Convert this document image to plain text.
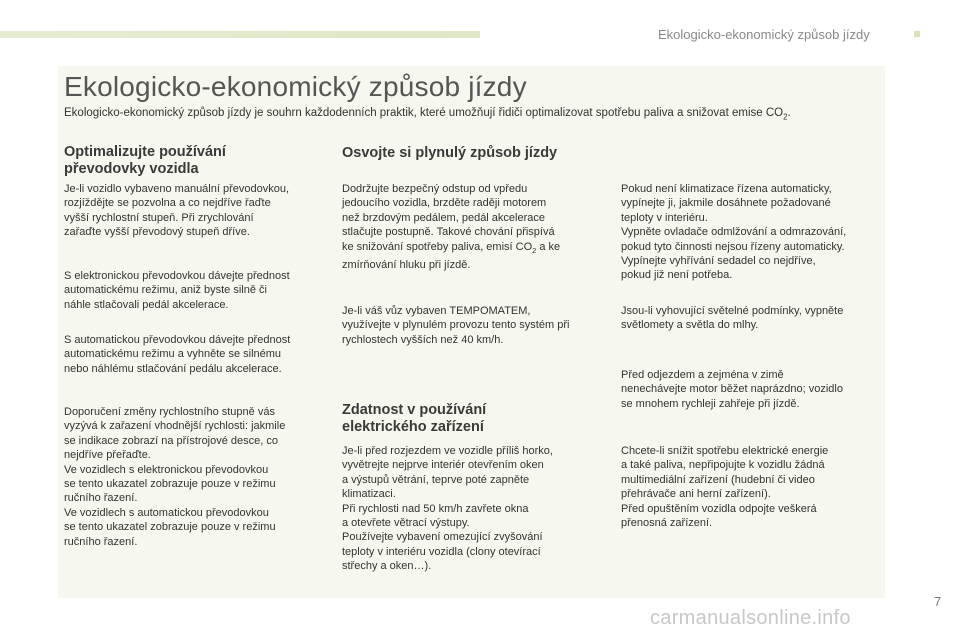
Ekologicko-ekonomický způsob jízdy
Ekologicko-ekonomický způsob jízdy
Ekologicko-ekonomický způsob jízdy je souhrn každodenních praktik, které umožňují řidiči optimalizovat spotřebu paliva a snižovat emise $CO_2$.
Optimalizujte používání
převodovky vozidla

Je-li vozidlo vybaveno manuální převodovkou,
rozjíždějte se pozvolna a co nejdříve řaďte
vyšší rychlostní stupeň. Při zrychlování
zařaďte vyšší převodový stupeň dříve.

S elektronickou převodovkou dávejte přednost
automatickému režimu, aniž byste silně či
náhle stlačovali pedál akcelerace.

S automatickou převodovkou dávejte přednost
automatickému režimu a vyhněte se silnému
nebo náhlému stlačování pedálu akcelerace.

Doporučení změny rychlostního stupně vás
vyzývá k zařazení vhodnější rychlosti: jakmile
se indikace zobrazí na přístrojové desce, co
nejdříve přeřaďte.
Ve vozidlech s elektronickou převodovkou
se tento ukazatel zobrazuje pouze v režimu
ručního řazení.
Ve vozidlech s automatickou převodovkou
se tento ukazatel zobrazuje pouze v režimu
ručního řazení.

Osvojte si plynulý způsob jízdy

Dodržujte bezpečný odstup od vpředu
jedoucího vozidla, brzděte raději motorem
než brzdovým pedálem, pedál akcelerace
stlačujte postupně. Takové chování přispívá
ke snižování spotřeby paliva, emisí $CO_2$ a ke
zmírňování hluku při jízdě.

Je-li váš vůz vybaven TEMPOMATEM,
využívejte v plynulém provozu tento systém při
rychlostech vyšších než 40 km/h.

Zdatnost v používání
elektrického zařízení

Je-li před rozjezdem ve vozidle příliš horko,
vyvětrejte nejprve interiér otevřením oken
a výstupů větrání, teprve poté zapněte
klimatizaci.
Při rychlosti nad 50 km/h zavřete okna
a otevřete větrací výstupy.
Používejte vybavení omezující zvyšování
teploty v interiéru vozidla (clony otevírací
střechy a oken…).

Pokud není klimatizace řízena automaticky,
vypínejte ji, jakmile dosáhnete požadované
teploty v interiéru.
Vypněte ovladače odmlžování a odmrazování,
pokud tyto činnosti nejsou řízeny automaticky.
Vypínejte vyhřívání sedadel co nejdříve,
pokud již není potřeba.

Jsou-li vyhovující světelné podmínky, vypněte
světlomety a světla do mlhy.

Před odjezdem a zejména v zimě
nenechávejte motor běžet naprázdno; vozidlo
se mnohem rychleji zahřeje při jízdě.

Chcete-li snížit spotřebu elektrické energie
a také paliva, nepřipojujte k vozidlu žádná
multimediální zařízení (hudební či video
přehrávače ani herní zařízení).
Před opuštěním vozidla odpojte veškerá
přenosná zařízení.

7
carmanualsonline.info
